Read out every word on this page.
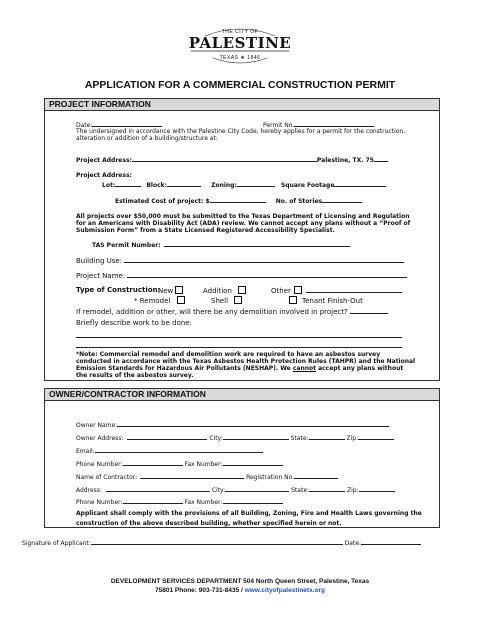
THE CITY OF
PALESTINE
TEXAS ★ 1846
APPLICATION FOR A COMMERCIAL CONSTRUCTION PERMIT
PROJECT INFORMATION
Date:	Permit No.
The undersigned in accordance with the Palestine City Code, hereby applies for a permit for the construction, alteration or addition of a building/structure at:
Project Address:	Palestine, TX. 75
Project Address:
Lot:	Block:	Zoning:	Square Footage
Estimated Cost of project: $	No. of Stories
All projects over $50,000 must be submitted to the Texas Department of Licensing and Regulation for an Americans with Disability Act (ADA) review. We cannot accept any plans without a “Proof of Submission Form” from a State Licensed Registered Accessibility Specialist.
TAS Permit Number:
Building Use:
Project Name:
Type of Construction:
New	Addition	Other
* Remodel	Shell	Tenant Finish-Out
If remodel, addition or other, will there be any demolition involved in project?
Briefly describe work to be done:
*Note: Commercial remodel and demolition work are required to have an asbestos survey conducted in accordance with the Texas Asbestos Health Protection Rules (TAHPR) and the National Emission Standards for Hazardous Air Pollutants (NESHAP). We cannot accept any plans without the results of the asbestos survey.
OWNER/CONTRACTOR INFORMATION
Owner Name:
Owner Address:	City:	State:	Zip:
Email:
Phone Number:	Fax Number:
Name of Contractor:	Registration No.
Address:	City:	State:	Zip:
Phone Number:	Fax Number:
Applicant shall comply with the provisions of all Building, Zoning, Fire and Health Laws governing the construction of the above described building, whether specified herein or not.
Signature of Applicant:	Date:
DEVELOPMENT SERVICES DEPARTMENT 504 North Queen Street, Palestine, Texas
75801 Phone: 903-731-8435 / www.cityofpalestinetx.org
